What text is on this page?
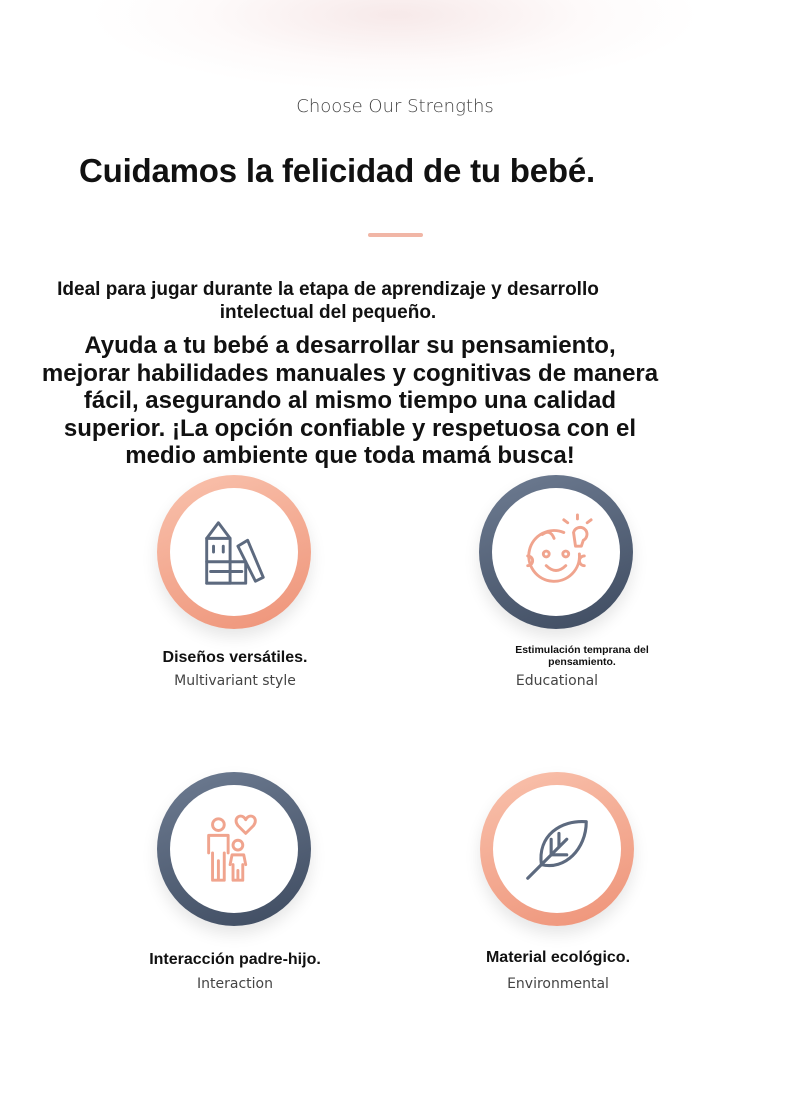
Choose Our Strengths
Cuidamos la felicidad de tu bebé.
Ideal para jugar durante la etapa de aprendizaje y desarrollo intelectual del pequeño.
Ayuda a tu bebé a desarrollar su pensamiento, mejorar habilidades manuales y cognitivas de manera fácil, asegurando al mismo tiempo una calidad superior. ¡La opción confiable y respetuosa con el medio ambiente que toda mamá busca!
Diseños versátiles.
Multivariant style
Estimulación temprana del pensamiento.
Educational
Interacción padre-hijo.
Interaction
Material ecológico.
Environmental
